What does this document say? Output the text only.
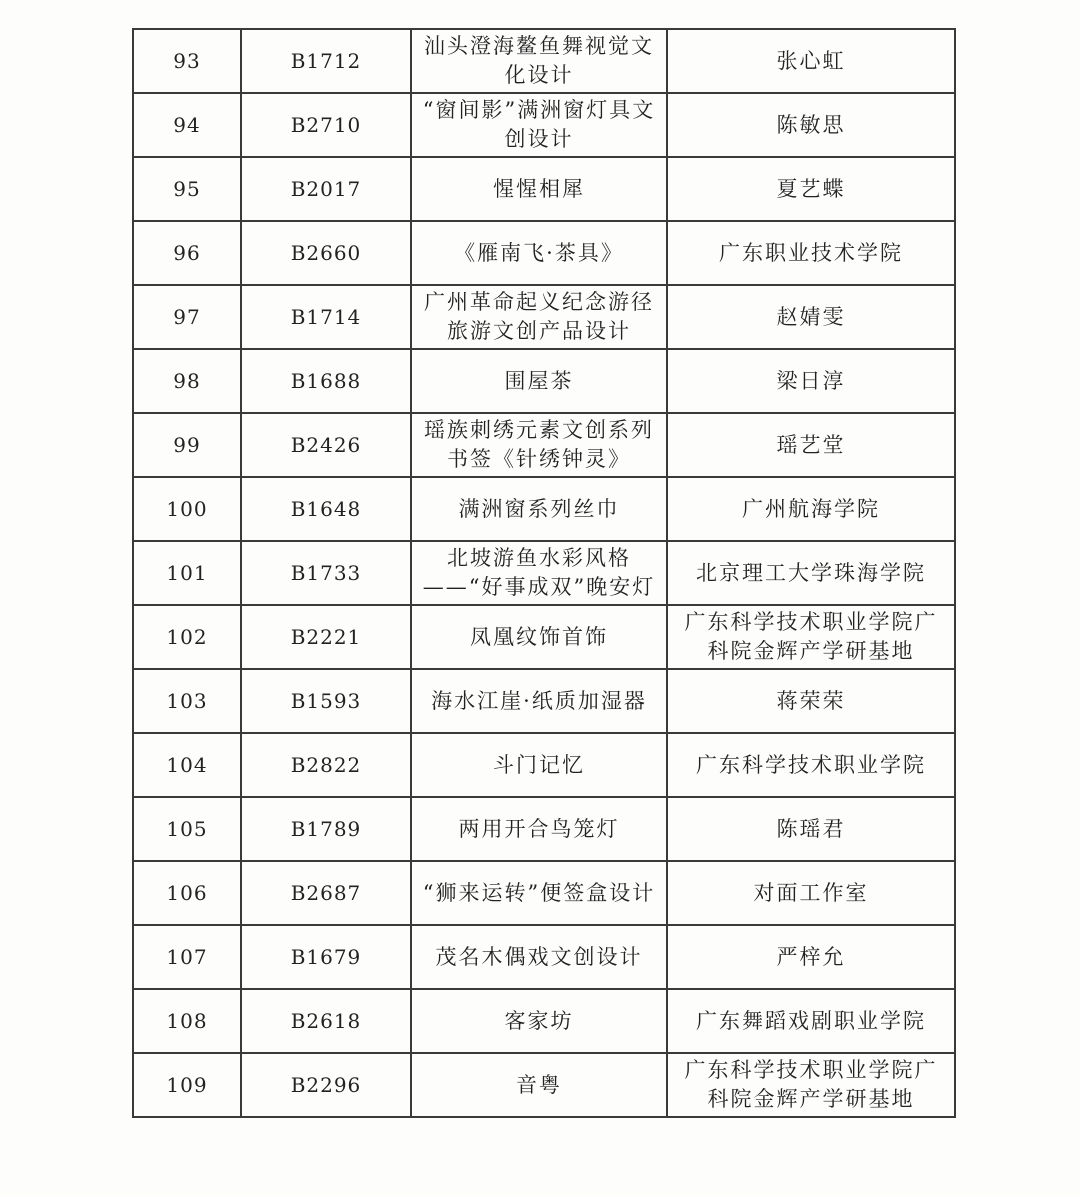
93	B1712	汕头澄海鳌鱼舞视觉文化设计	张心虹
94	B2710	“窗间影”满洲窗灯具文创设计	陈敏思
95	B2017	惺惺相犀	夏艺蝶
96	B2660	《雁南飞·茶具》	广东职业技术学院
97	B1714	广州革命起义纪念游径旅游文创产品设计	赵婧雯
98	B1688	围屋茶	梁日淳
99	B2426	瑶族刺绣元素文创系列书签《针绣钟灵》	瑶艺堂
100	B1648	满洲窗系列丝巾	广州航海学院
101	B1733	北坡游鱼水彩风格——“好事成双”晚安灯	北京理工大学珠海学院
102	B2221	凤凰纹饰首饰	广东科学技术职业学院广科院金辉产学研基地
103	B1593	海水江崖·纸质加湿器	蒋荣荣
104	B2822	斗门记忆	广东科学技术职业学院
105	B1789	两用开合鸟笼灯	陈瑶君
106	B2687	“狮来运转”便签盒设计	对面工作室
107	B1679	茂名木偶戏文创设计	严梓允
108	B2618	客家坊	广东舞蹈戏剧职业学院
109	B2296	音粤	广东科学技术职业学院广科院金辉产学研基地
